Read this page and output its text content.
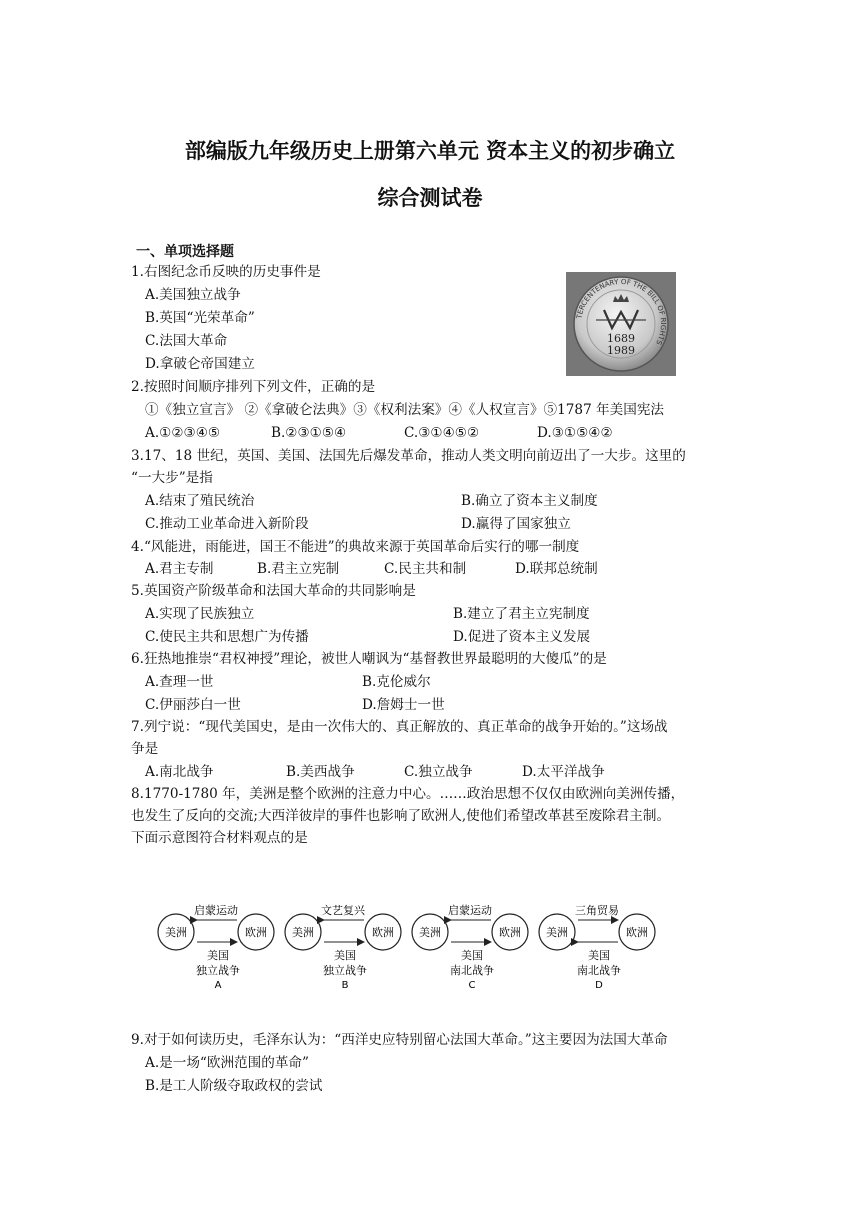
部编版九年级历史上册第六单元 资本主义的初步确立
综合测试卷
一、单项选择题
1.右图纪念币反映的历史事件是
A.美国独立战争
B.英国“光荣革命”
C.法国大革命
D.拿破仑帝国建立
TERCENTENARY OF THE BILL OF RIGHTS
1689
1989
2.按照时间顺序排列下列文件，正确的是
①《独立宣言》 ②《拿破仑法典》③《权利法案》④《人权宣言》⑤1787 年美国宪法
A.①②③④⑤	B.②③①⑤④	C.③①④⑤②	D.③①⑤④②
3.17、18 世纪，英国、美国、法国先后爆发革命，推动人类文明向前迈出了一大步。这里的
“一大步”是指
A.结束了殖民统治	B.确立了资本主义制度
C.推动工业革命进入新阶段	D.赢得了国家独立
4.“风能进，雨能进，国王不能进”的典故来源于英国革命后实行的哪一制度
A.君主专制	B.君主立宪制	C.民主共和制	D.联邦总统制
5.英国资产阶级革命和法国大革命的共同影响是
A.实现了民族独立	B.建立了君主立宪制度
C.使民主共和思想广为传播	D.促进了资本主义发展
6.狂热地推崇“君权神授”理论，被世人嘲讽为“基督教世界最聪明的大傻瓜”的是
A.查理一世	B.克伦威尔
C.伊丽莎白一世	D.詹姆士一世
7.列宁说：“现代美国史，是由一次伟大的、真正解放的、真正革命的战争开始的。”这场战
争是
A.南北战争	B.美西战争	C.独立战争	D.太平洋战争
8.1770-1780 年，美洲是整个欧洲的注意力中心。……政治思想不仅仅由欧洲向美洲传播，
也发生了反向的交流;大西洋彼岸的事件也影响了欧洲人,使他们希望改革甚至废除君主制。
下面示意图符合材料观点的是
启蒙运动
美洲	欧洲
美国
独立战争
A
文艺复兴
美洲	欧洲
美国
独立战争
B
启蒙运动
美洲	欧洲
美国
南北战争
C
三角贸易
美洲	欧洲
美国
南北战争
D
9.对于如何读历史，毛泽东认为：“西洋史应特别留心法国大革命。”这主要因为法国大革命
A.是一场“欧洲范围的革命”
B.是工人阶级夺取政权的尝试
